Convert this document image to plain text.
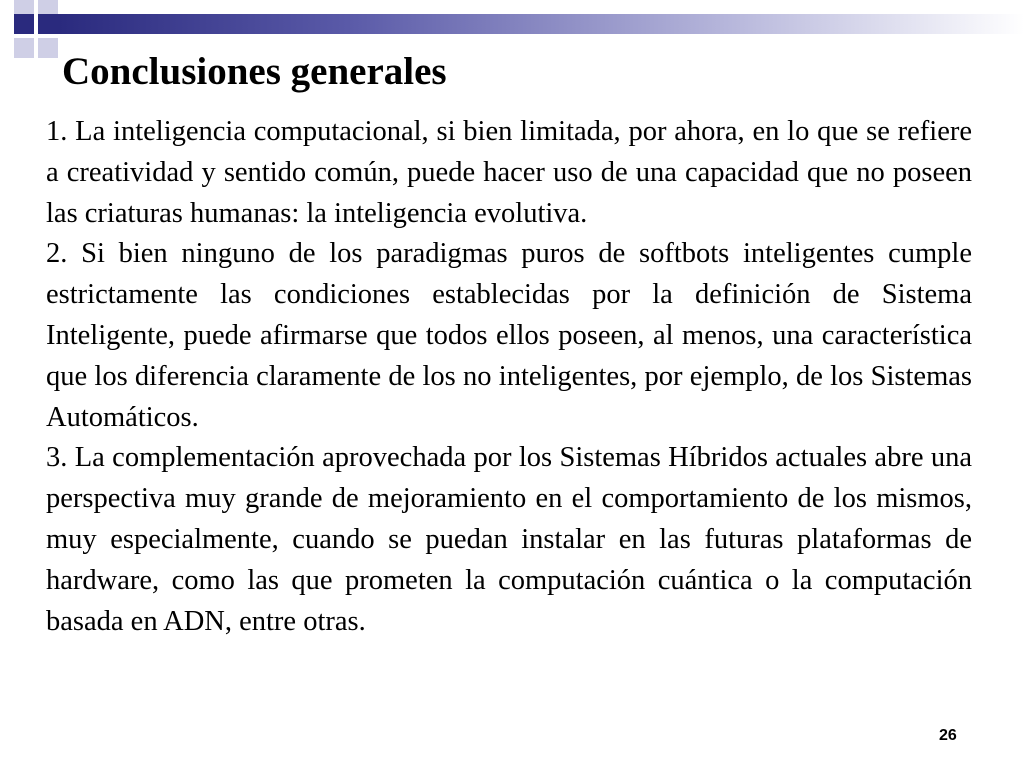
Conclusiones generales

1. La inteligencia computacional, si bien limitada, por ahora, en lo que se refiere a creatividad y sentido común, puede hacer uso de una capacidad que no poseen las criaturas humanas: la inteligencia evolutiva.

2. Si bien ninguno de los paradigmas puros de softbots inteligentes cumple estrictamente las condiciones establecidas por la definición de Sistema Inteligente, puede afirmarse que todos ellos poseen, al menos, una característica que los diferencia claramente de los no inteligentes, por ejemplo, de los Sistemas Automáticos.

3. La complementación aprovechada por los Sistemas Híbridos actuales abre una perspectiva muy grande de mejoramiento en el comportamiento de los mismos, muy especialmente, cuando se puedan instalar en las futuras plataformas de hardware, como las que prometen la computación cuántica o la computación basada en ADN, entre otras.

26
